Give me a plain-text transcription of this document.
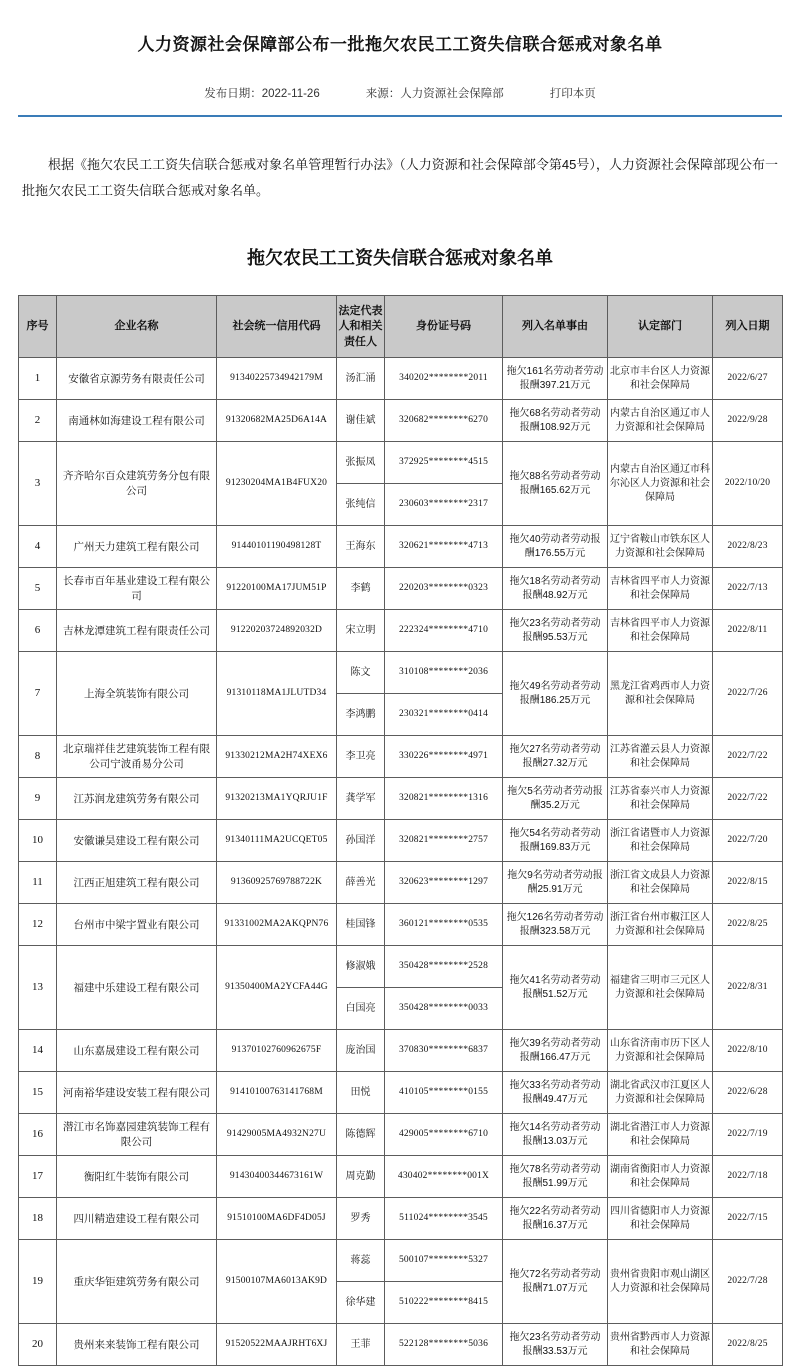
人力资源社会保障部公布一批拖欠农民工工资失信联合惩戒对象名单
发布日期：2022-11-26	来源：人力资源社会保障部	打印本页

根据《拖欠农民工工资失信联合惩戒对象名单管理暂行办法》（人力资源和社会保障部令第45号），人力资源社会保障部现公布一批拖欠农民工工资失信联合惩戒对象名单。

拖欠农民工工资失信联合惩戒对象名单
序号	企业名称	社会统一信用代码	法定代表人和相关责任人	身份证号码	列入名单事由	认定部门	列入日期
1	安徽省京源劳务有限责任公司	91340225734942179M	汤汇涌	340202********2011	拖欠161名劳动者劳动报酬397.21万元	北京市丰台区人力资源和社会保障局	2022/6/27
2	南通林如海建设工程有限公司	91320682MA25D6A14A	谢佳斌	320682********6270	拖欠68名劳动者劳动报酬108.92万元	内蒙古自治区通辽市人力资源和社会保障局	2022/9/28
3	齐齐哈尔百众建筑劳务分包有限公司	91230204MA1B4FUX20	张振凤	372925********4515	拖欠88名劳动者劳动报酬165.62万元	内蒙古自治区通辽市科尔沁区人力资源和社会保障局	2022/10/20
			张纯信	230603********2317			
4	广州天力建筑工程有限公司	91440101190498128T	王海东	320621********4713	拖欠40劳动者劳动报酬176.55万元	辽宁省鞍山市铁东区人力资源和社会保障局	2022/8/23
5	长春市百年基业建设工程有限公司	91220100MA17JUM51P	李鹤	220203********0323	拖欠18名劳动者劳动报酬48.92万元	吉林省四平市人力资源和社会保障局	2022/7/13
6	吉林龙潭建筑工程有限责任公司	91220203724892032D	宋立明	222324********4710	拖欠23名劳动者劳动报酬95.53万元	吉林省四平市人力资源和社会保障局	2022/8/11
7	上海全筑装饰有限公司	91310118MA1JLUTD34	陈文	310108********2036	拖欠49名劳动者劳动报酬186.25万元	黑龙江省鸡西市人力资源和社会保障局	2022/7/26
			李鸿鹏	230321********0414			
8	北京瑞祥佳艺建筑装饰工程有限公司宁波甬易分公司	91330212MA2H74XEX6	李卫亮	330226********4971	拖欠27名劳动者劳动报酬27.32万元	江苏省灌云县人力资源和社会保障局	2022/7/22
9	江苏润龙建筑劳务有限公司	91320213MA1YQRJU1F	龚学军	320821********1316	拖欠5名劳动者劳动报酬35.2万元	江苏省泰兴市人力资源和社会保障局	2022/7/22
10	安徽谦昊建设工程有限公司	91340111MA2UCQET05	孙国洋	320821********2757	拖欠54名劳动者劳动报酬169.83万元	浙江省诸暨市人力资源和社会保障局	2022/7/20
11	江西正旭建筑工程有限公司	91360925769788722K	薛善光	320623********1297	拖欠9名劳动者劳动报酬25.91万元	浙江省文成县人力资源和社会保障局	2022/8/15
12	台州市中梁宇置业有限公司	91331002MA2AKQPN76	桂国锋	360121********0535	拖欠126名劳动者劳动报酬323.58万元	浙江省台州市椒江区人力资源和社会保障局	2022/8/25
13	福建中乐建设工程有限公司	91350400MA2YCFA44G	修淑娥	350428********2528	拖欠41名劳动者劳动报酬51.52万元	福建省三明市三元区人力资源和社会保障局	2022/8/31
			白国亮	350428********0033			
14	山东嘉晟建设工程有限公司	91370102760962675F	庞治国	370830********6837	拖欠39名劳动者劳动报酬166.47万元	山东省济南市历下区人力资源和社会保障局	2022/8/10
15	河南裕华建设安装工程有限公司	91410100763141768M	田悦	410105********0155	拖欠33名劳动者劳动报酬49.47万元	湖北省武汉市江夏区人力资源和社会保障局	2022/6/28
16	潜江市名饰嘉园建筑装饰工程有限公司	91429005MA4932N27U	陈德辉	429005********6710	拖欠14名劳动者劳动报酬13.03万元	湖北省潜江市人力资源和社会保障局	2022/7/19
17	衡阳红牛装饰有限公司	91430400344673161W	周克勤	430402********001X	拖欠78名劳动者劳动报酬51.99万元	湖南省衡阳市人力资源和社会保障局	2022/7/18
18	四川精造建设工程有限公司	91510100MA6DF4D05J	罗秀	511024********3545	拖欠22名劳动者劳动报酬16.37万元	四川省德阳市人力资源和社会保障局	2022/7/15
19	重庆华钜建筑劳务有限公司	91500107MA6013AK9D	蒋蕊	500107********5327	拖欠72名劳动者劳动报酬71.07万元	贵州省贵阳市观山湖区人力资源和社会保障局	2022/7/28
			徐华建	510222********8415			
20	贵州来来装饰工程有限公司	91520522MAAJRHT6XJ	王菲	522128********5036	拖欠23名劳动者劳动报酬33.53万元	贵州省黔西市人力资源和社会保障局	2022/8/25
